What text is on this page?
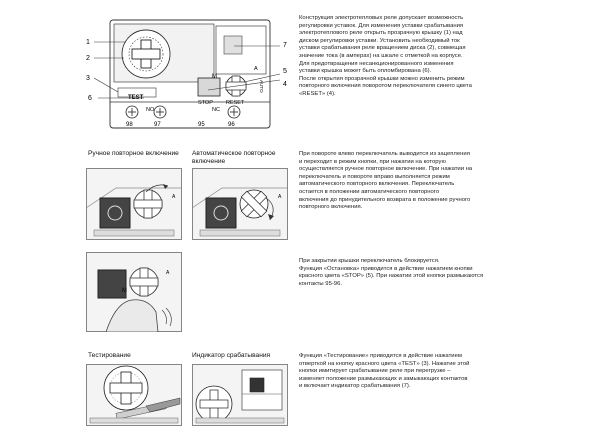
M
A
AUTO
TEST
STOP RESET
NO	NC
98	97	95	96
1
2
3
6
7
5
4
Конструкция электротепловых реле допускает возможность
регулировки уставок. Для изменения уставки срабатывания
электротеплового реле открыть прозрачную крышку (1) над
диском регулировки уставки. Установить необходимый ток
уставки срабатывания реле вращением диска (2), совмещая
значение тока (в амперах) на шкале с отметкой на корпусе.
Для предотвращения несанкционированного изменения
уставки крышка может быть опломбирована (6).
После открытия прозрачной крышки можно изменить режим
повторного включения поворотом переключателя синего цвета
«RESET» (4).
Ручное повторное включение Автоматическое повторное
включение
A	A
При повороте влево переключатель выводится из зацепления
и переходит в режим кнопки, при нажатии на которую
осуществляется ручное повторное включение. При нажатии на
переключатель и повороте вправо выполняется режим
автоматического повторного включения. Переключатель
остается в положении автоматического повторного
включения до принудительного возврата в положение ручного
повторного включения.
M
A
При закрытии крышки переключатель блокируется.
Функция «Остановка» приводится в действие нажатием кнопки
красного цвета «STOP» (5). При нажатии этой кнопки размыкаются
контакты 95-96.
Тестирование	Индикатор срабатывания	Функция «Тестирование» приводится в действие нажатием
отверткой на кнопку красного цвета «TEST» (3). Нажатие этой
кнопки имитирует срабатывание реле при перегрузке –
изменяет положение размыкающих и замыкающих контактов
и включает индикатор срабатывания (7).
